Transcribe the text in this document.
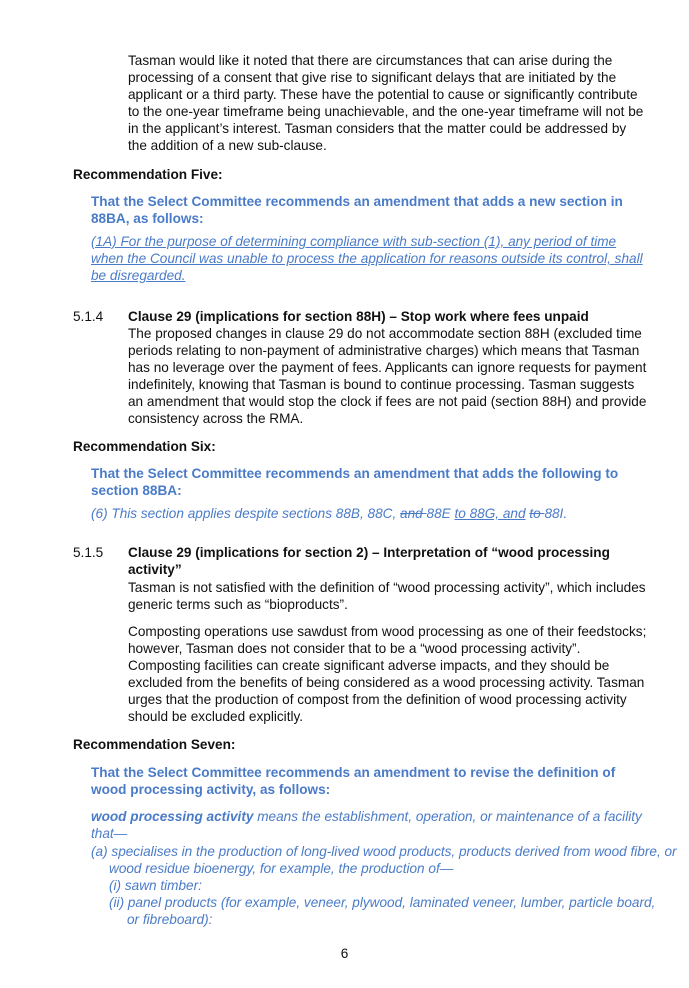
Tasman would like it noted that there are circumstances that can arise during the processing of a consent that give rise to significant delays that are initiated by the applicant or a third party. These have the potential to cause or significantly contribute to the one-year timeframe being unachievable, and the one-year timeframe will not be in the applicant’s interest. Tasman considers that the matter could be addressed by the addition of a new sub-clause.

Recommendation Five:

That the Select Committee recommends an amendment that adds a new section in 88BA, as follows:
(1A) For the purpose of determining compliance with sub-section (1), any period of time when the Council was unable to process the application for reasons outside its control, shall be disregarded.
5.1.4 Clause 29 (implications for section 88H) – Stop work where fees unpaid
The proposed changes in clause 29 do not accommodate section 88H (excluded time periods relating to non-payment of administrative charges) which means that Tasman has no leverage over the payment of fees. Applicants can ignore requests for payment indefinitely, knowing that Tasman is bound to continue processing. Tasman suggests an amendment that would stop the clock if fees are not paid (section 88H) and provide consistency across the RMA.

Recommendation Six:

That the Select Committee recommends an amendment that adds the following to section 88BA:
(6) This section applies despite sections 88B, 88C, and 88E to 88G, and to 88I.
5.1.5 Clause 29 (implications for section 2) – Interpretation of “wood processing activity”
Tasman is not satisfied with the definition of “wood processing activity”, which includes generic terms such as “bioproducts”.
Composting operations use sawdust from wood processing as one of their feedstocks; however, Tasman does not consider that to be a “wood processing activity”. Composting facilities can create significant adverse impacts, and they should be excluded from the benefits of being considered as a wood processing activity. Tasman urges that the production of compost from the definition of wood processing activity should be excluded explicitly.

Recommendation Seven:

That the Select Committee recommends an amendment to revise the definition of wood processing activity, as follows:
wood processing activity means the establishment, operation, or maintenance of a facility that—
(a) specialises in the production of long-lived wood products, products derived from wood fibre, or wood residue bioenergy, for example, the production of—
(i) sawn timber:
(ii) panel products (for example, veneer, plywood, laminated veneer, lumber, particle board, or fibreboard):
6
